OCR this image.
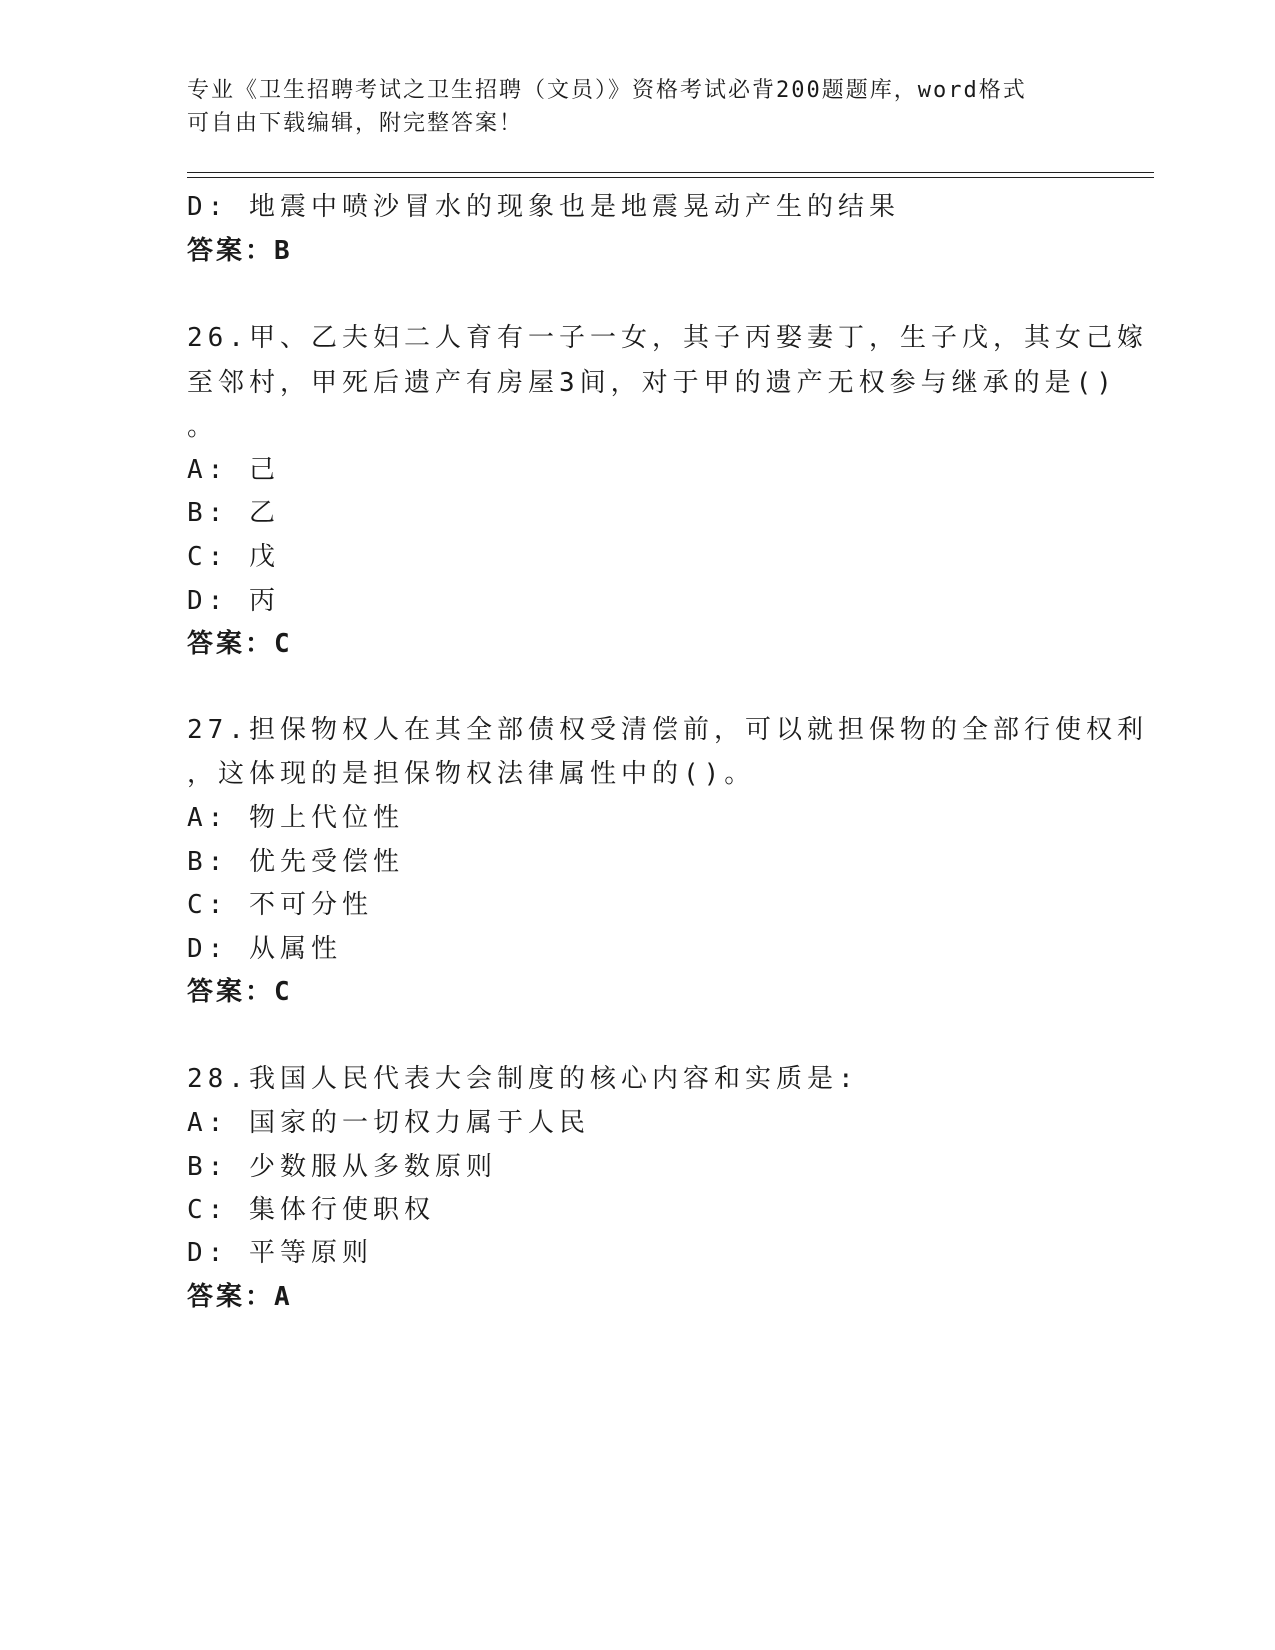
专业《卫生招聘考试之卫生招聘（文员）》资格考试必背200题题库，word格式
可自由下载编辑，附完整答案！
D: 地震中喷沙冒水的现象也是地震晃动产生的结果
答案：B
26.甲、乙夫妇二人育有一子一女，其子丙娶妻丁，生子戊，其女己嫁
至邻村，甲死后遗产有房屋3间，对于甲的遗产无权参与继承的是()
。
A: 己
B: 乙
C: 戊
D: 丙
答案：C
27.担保物权人在其全部债权受清偿前，可以就担保物的全部行使权利
，这体现的是担保物权法律属性中的()。
A: 物上代位性
B: 优先受偿性
C: 不可分性
D: 从属性
答案：C
28.我国人民代表大会制度的核心内容和实质是:
A: 国家的一切权力属于人民
B: 少数服从多数原则
C: 集体行使职权
D: 平等原则
答案：A
